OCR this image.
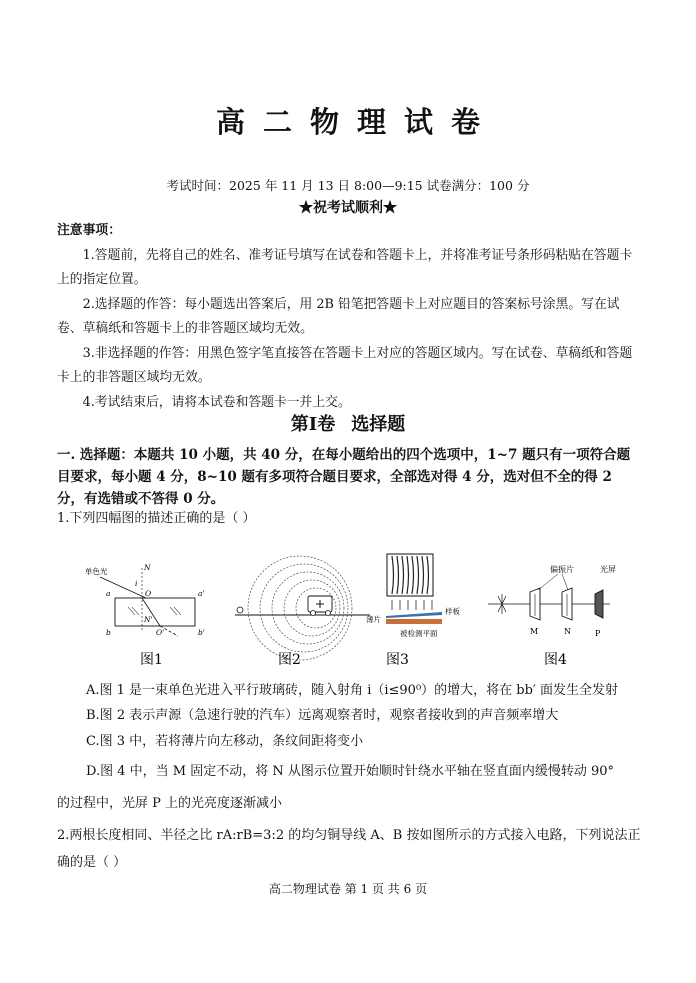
高二物理试卷
考试时间：2025 年 11 月 13 日 8:00—9:15 试卷满分：100 分
★祝考试顺利★
注意事项：

1.答题前，先将自己的姓名、准考证号填写在试卷和答题卡上，并将准考证号条形码粘贴在答题卡上的指定位置。

2.选择题的作答：每小题选出答案后，用 2B 铅笔把答题卡上对应题目的答案标号涂黑。写在试卷、草稿纸和答题卡上的非答题区域均无效。

3.非选择题的作答：用黑色签字笔直接答在答题卡上对应的答题区域内。写在试卷、草稿纸和答题卡上的非答题区域均无效。

4.考试结束后，请将本试卷和答题卡一并上交。

第Ⅰ卷 选择题
一. 选择题：本题共 10 小题，共 40 分，在每小题给出的四个选项中，1~7 题只有一项符合题目要求，每小题 4 分，8~10 题有多项符合题目要求，全部选对得 4 分，选对但不全的得 2 分，有选错或不答得 0 分。
1.下列四幅图的描述正确的是（ ）
单色光	N
i
a	a'
b	b'
O
N'
O'
图1	图2
薄片
样板
被检测平面
图3
偏振片	光屏
M	N	P
图4
A.图 1 是一束单色光进入平行玻璃砖，随入射角 i（i≤90⁰）的增大，将在 bb′ 面发生全发射
B.图 2 表示声源（急速行驶的汽车）远离观察者时，观察者接收到的声音频率增大
C.图 3 中，若将薄片向左移动，条纹间距将变小
D.图 4 中，当 M 固定不动，将 N 从图示位置开始顺时针绕水平轴在竖直面内缓慢转动 90°
的过程中，光屏 P 上的光亮度逐渐减小
2.两根长度相同、半径之比 rA:rB=3:2 的均匀铜导线 A、B 按如图所示的方式接入电路，下列说法正确的是（ ）
高二物理试卷 第 1 页 共 6 页
